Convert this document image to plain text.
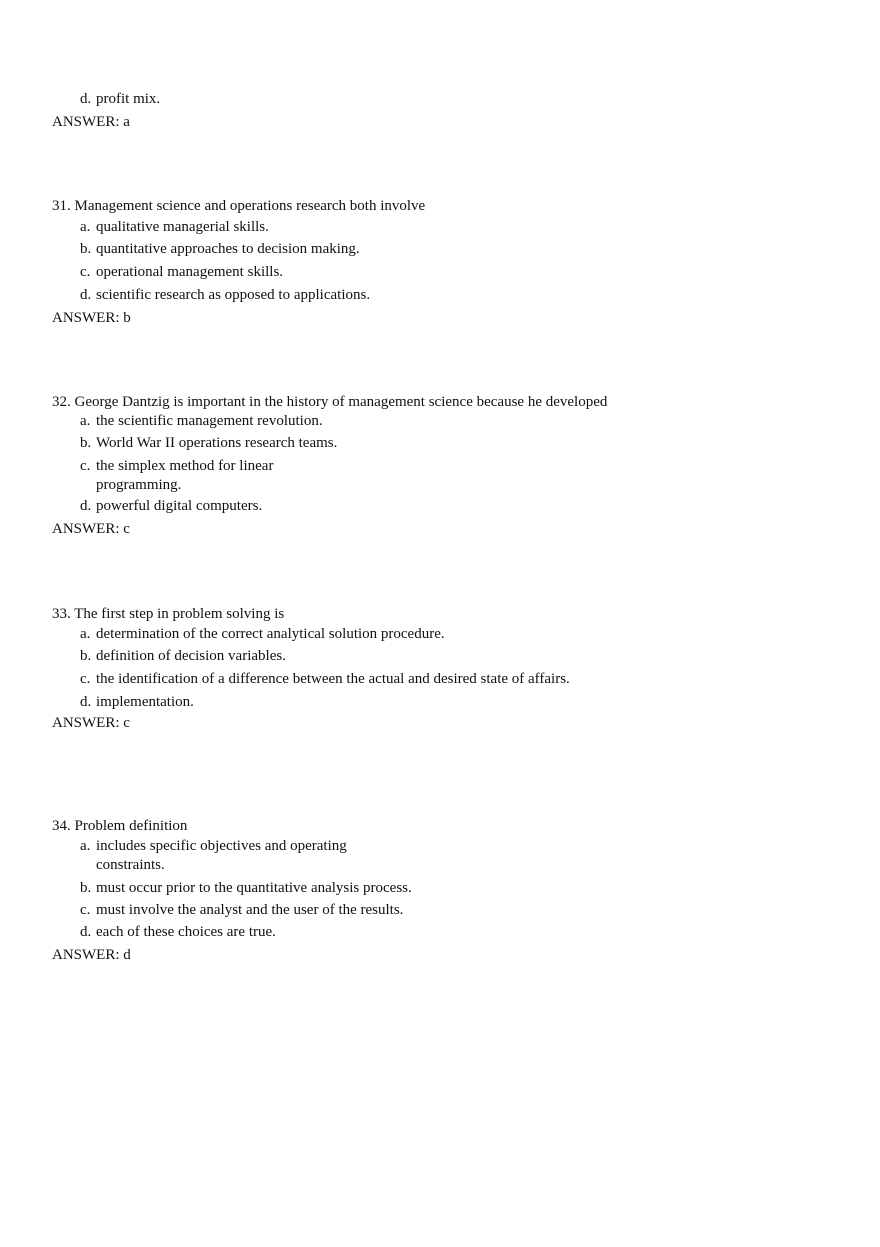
d. profit mix.
ANSWER: a
31. Management science and operations research both involve
a. qualitative managerial skills.
b. quantitative approaches to decision making.
c. operational management skills.
d. scientific research as opposed to applications.
ANSWER: b
32. George Dantzig is important in the history of management science because he developed
a. the scientific management revolution.
b. World War II operations research teams.
c. the simplex method for linear
programming.
d. powerful digital computers.
ANSWER: c
33. The first step in problem solving is
a. determination of the correct analytical solution procedure.
b. definition of decision variables.
c. the identification of a difference between the actual and desired state of affairs.
d. implementation.
ANSWER: c
34. Problem definition
a. includes specific objectives and operating
constraints.
b. must occur prior to the quantitative analysis process.
c. must involve the analyst and the user of the results.
d. each of these choices are true.
ANSWER: d
